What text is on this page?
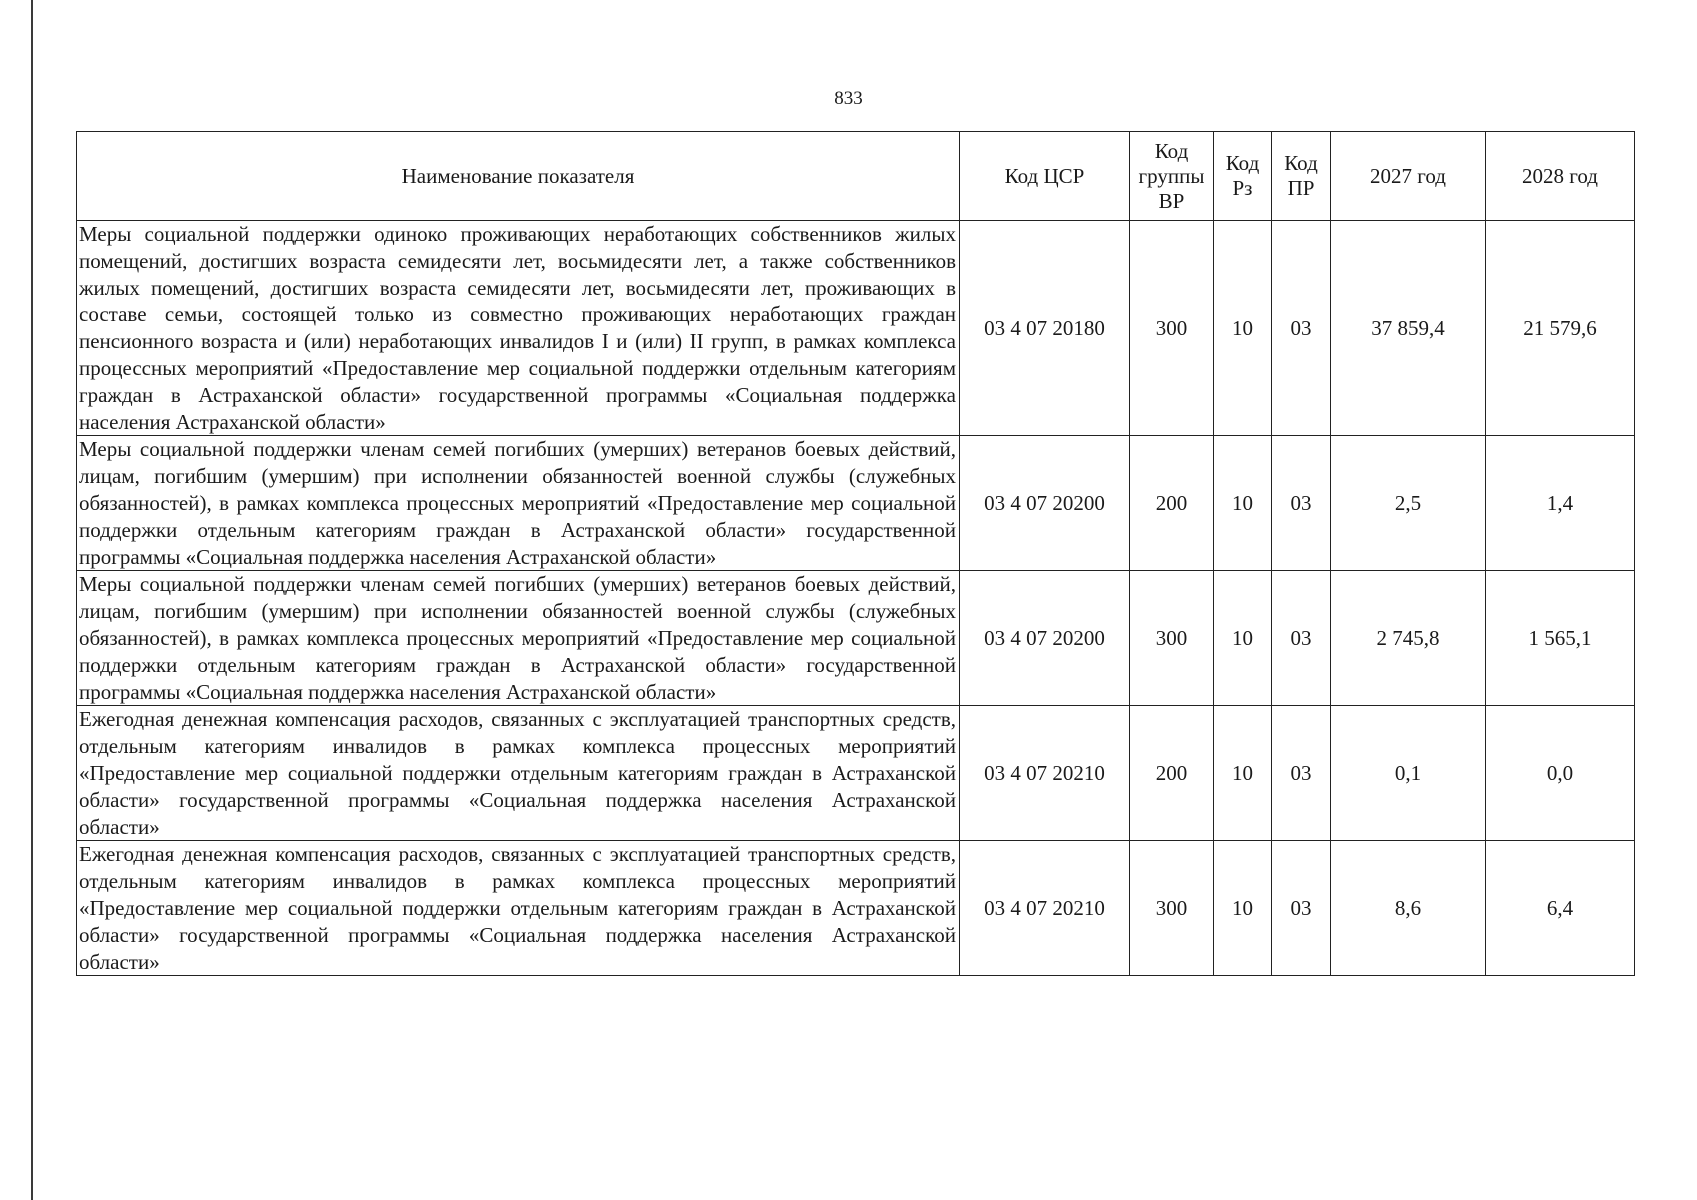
833
Наименование показателя	Код ЦСР	Код группы ВР	Код Рз	Код ПР	2027 год	2028 год
Меры социальной поддержки одиноко проживающих неработающих собственников жилых помещений, достигших возраста семидесяти лет, восьмидесяти лет, а также собственников жилых помещений, достигших возраста семидесяти лет, восьмидесяти лет, проживающих в составе семьи, состоящей только из совместно проживающих неработающих граждан пенсионного возраста и (или) неработающих инвалидов I и (или) II групп, в рамках комплекса процессных мероприятий «Предоставление мер социальной поддержки отдельным категориям граждан в Астраханской области» государственной программы «Социальная поддержка населения Астраханской области»	03 4 07 20180	300	10	03	37 859,4	21 579,6
Меры социальной поддержки членам семей погибших (умерших) ветеранов боевых действий, лицам, погибшим (умершим) при исполнении обязанностей военной службы (служебных обязанностей), в рамках комплекса процессных мероприятий «Предоставление мер социальной поддержки отдельным категориям граждан в Астраханской области» государственной программы «Социальная поддержка населения Астраханской области»	03 4 07 20200	200	10	03	2,5	1,4
Меры социальной поддержки членам семей погибших (умерших) ветеранов боевых действий, лицам, погибшим (умершим) при исполнении обязанностей военной службы (служебных обязанностей), в рамках комплекса процессных мероприятий «Предоставление мер социальной поддержки отдельным категориям граждан в Астраханской области» государственной программы «Социальная поддержка населения Астраханской области»	03 4 07 20200	300	10	03	2 745,8	1 565,1
Ежегодная денежная компенсация расходов, связанных с эксплуатацией транспортных средств, отдельным категориям инвалидов в рамках комплекса процессных мероприятий «Предоставление мер социальной поддержки отдельным категориям граждан в Астраханской области» государственной программы «Социальная поддержка населения Астраханской области»	03 4 07 20210	200	10	03	0,1	0,0
Ежегодная денежная компенсация расходов, связанных с эксплуатацией транспортных средств, отдельным категориям инвалидов в рамках комплекса процессных мероприятий «Предоставление мер социальной поддержки отдельным категориям граждан в Астраханской области» государственной программы «Социальная поддержка населения Астраханской области»	03 4 07 20210	300	10	03	8,6	6,4
